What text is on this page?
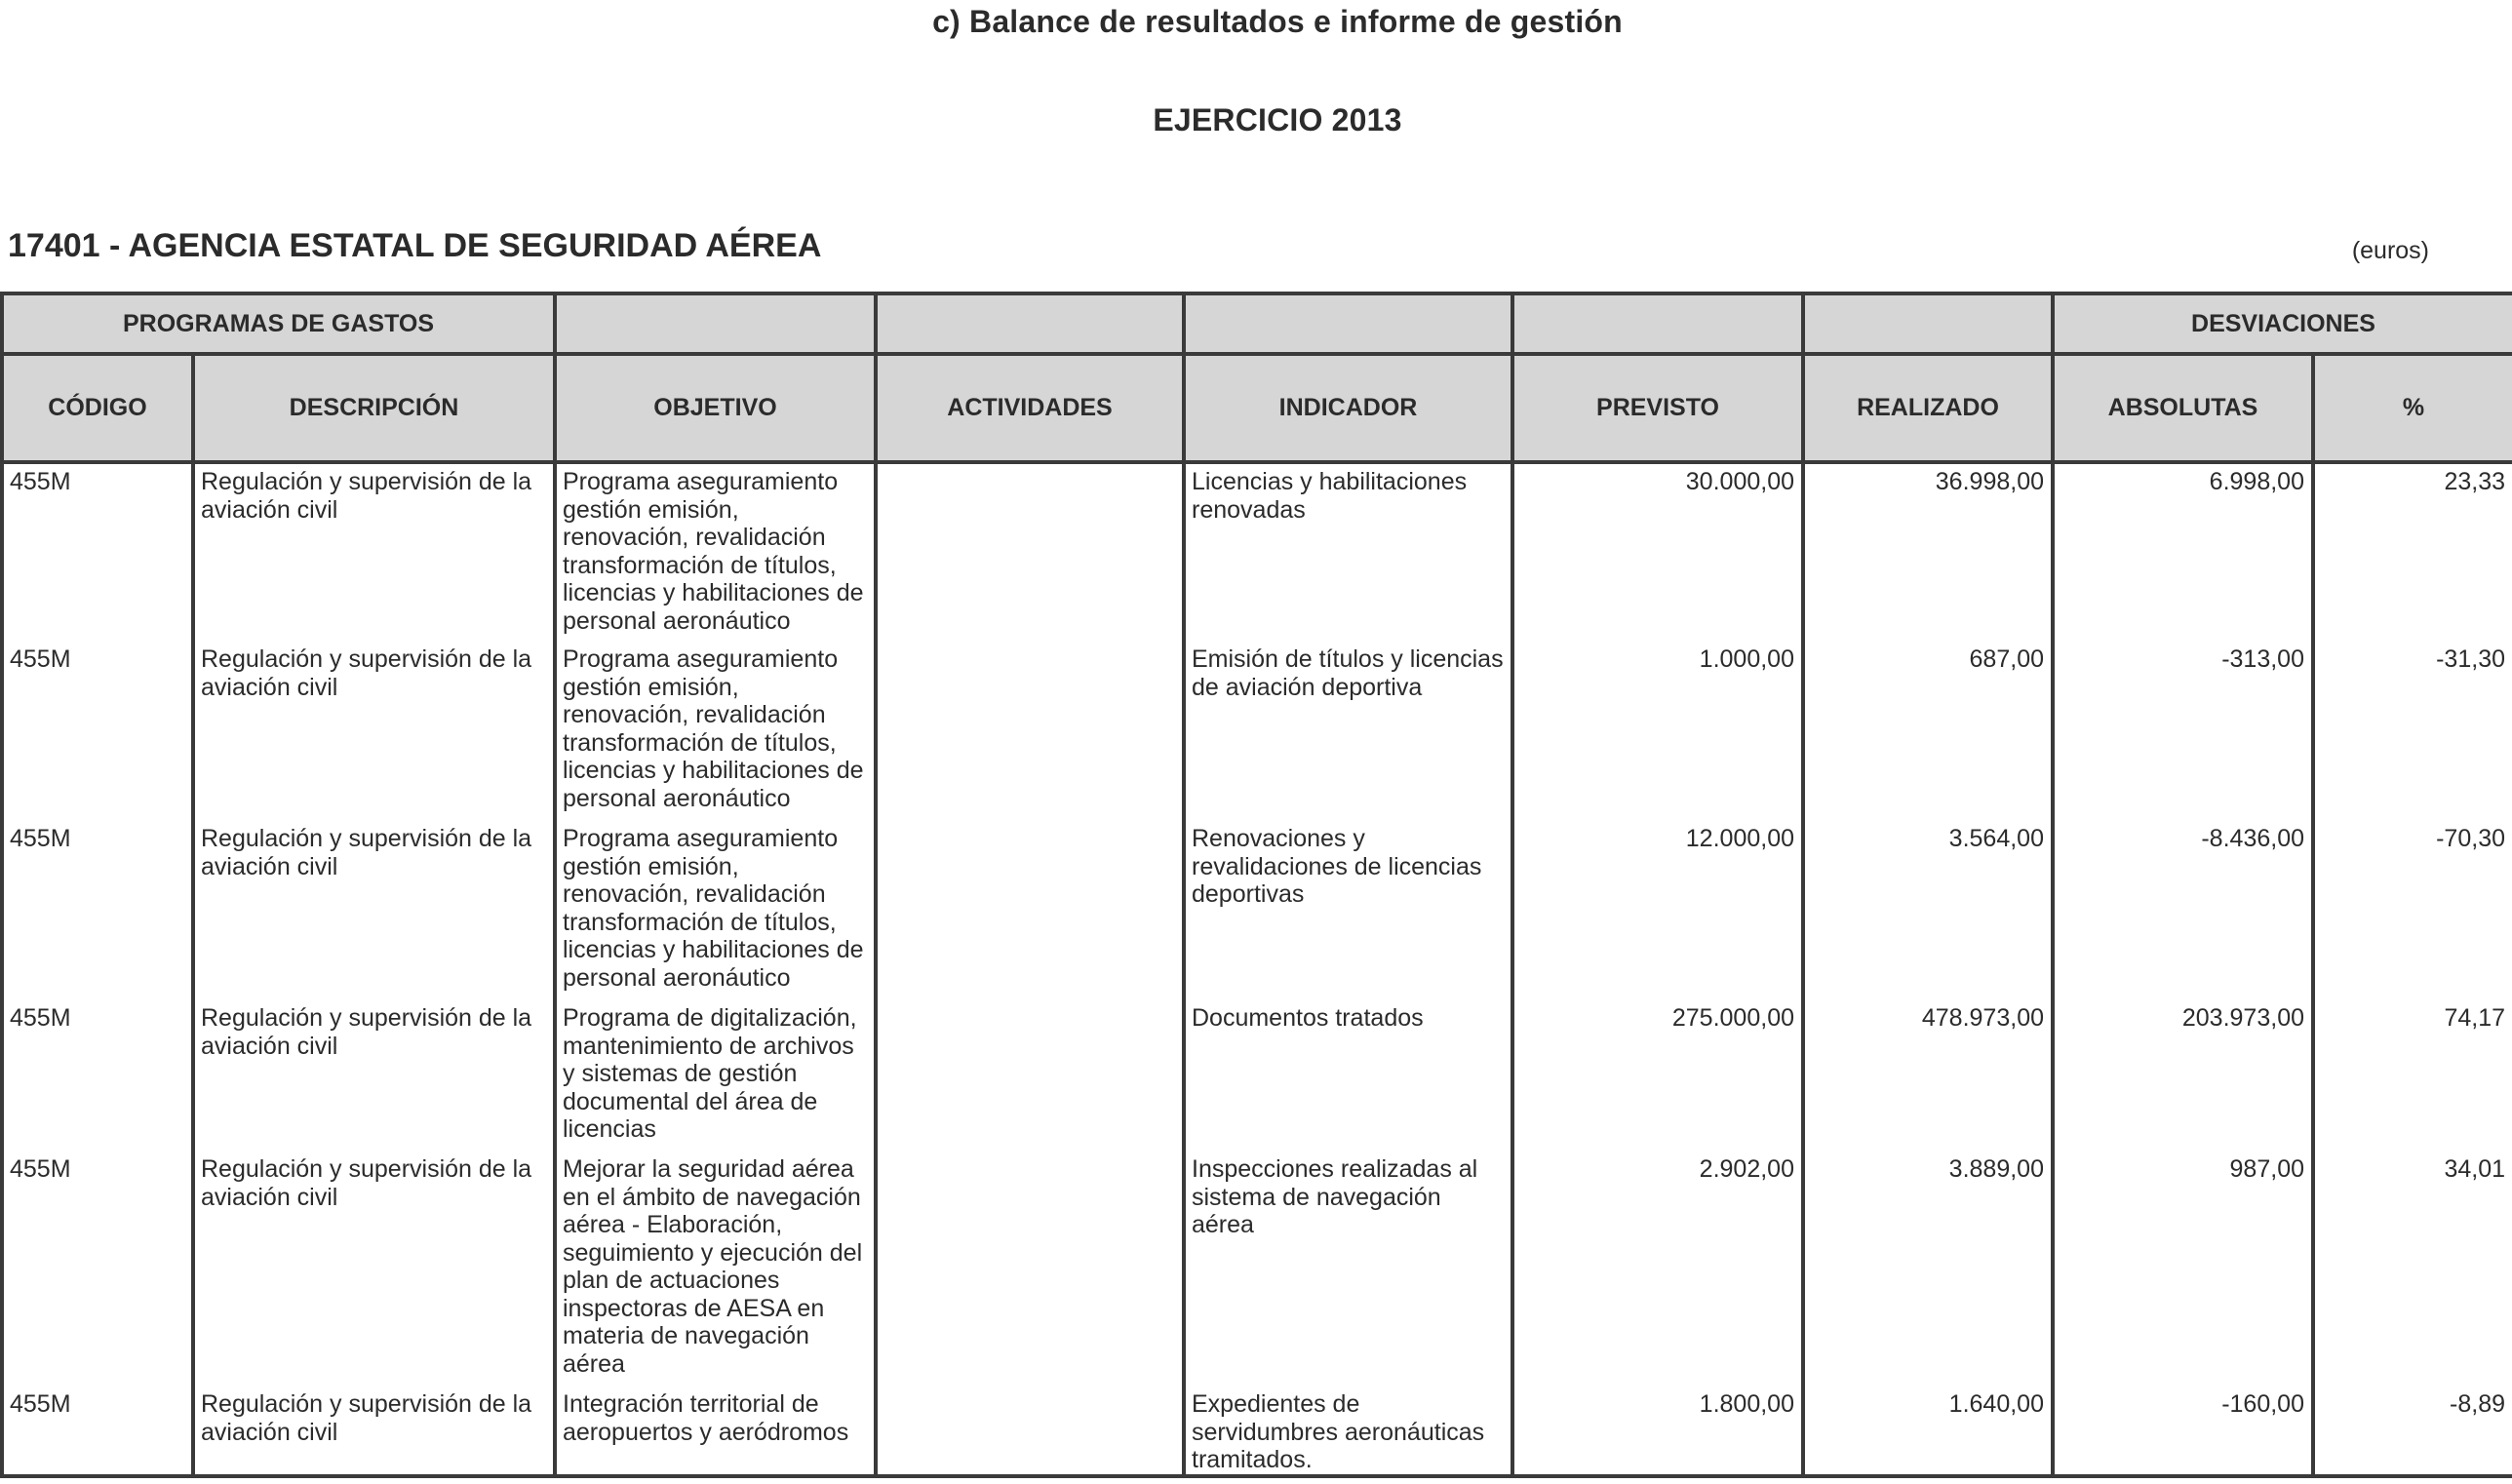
c) Balance de resultados e informe de gestión
EJERCICIO 2013
17401 - AGENCIA ESTATAL DE SEGURIDAD AÉREA	(euros)
PROGRAMAS DE GASTOS							DESVIACIONES	
CÓDIGO	DESCRIPCIÓN	OBJETIVO	ACTIVIDADES	INDICADOR	PREVISTO	REALIZADO	ABSOLUTAS	%
455M	Regulación y supervisión de la aviación civil	Programa aseguramiento gestión emisión, renovación, revalidación transformación de títulos, licencias y habilitaciones de personal aeronáutico		Licencias y habilitaciones renovadas	30.000,00	36.998,00	6.998,00	23,33
455M	Regulación y supervisión de la aviación civil	Programa aseguramiento gestión emisión, renovación, revalidación transformación de títulos, licencias y habilitaciones de personal aeronáutico		Emisión de títulos y licencias de aviación deportiva	1.000,00	687,00	-313,00	-31,30
455M	Regulación y supervisión de la aviación civil	Programa aseguramiento gestión emisión, renovación, revalidación transformación de títulos, licencias y habilitaciones de personal aeronáutico		Renovaciones y revalidaciones de licencias deportivas	12.000,00	3.564,00	-8.436,00	-70,30
455M	Regulación y supervisión de la aviación civil	Programa de digitalización, mantenimiento de archivos y sistemas de gestión documental del área de licencias		Documentos tratados	275.000,00	478.973,00	203.973,00	74,17
455M	Regulación y supervisión de la aviación civil	Mejorar la seguridad aérea en el ámbito de navegación aérea - Elaboración, seguimiento y ejecución del plan de actuaciones inspectoras de AESA en materia de navegación aérea		Inspecciones realizadas al sistema de navegación aérea	2.902,00	3.889,00	987,00	34,01
455M	Regulación y supervisión de la aviación civil	Integración territorial de aeropuertos y aeródromos		Expedientes de servidumbres aeronáuticas tramitados.	1.800,00	1.640,00	-160,00	-8,89
